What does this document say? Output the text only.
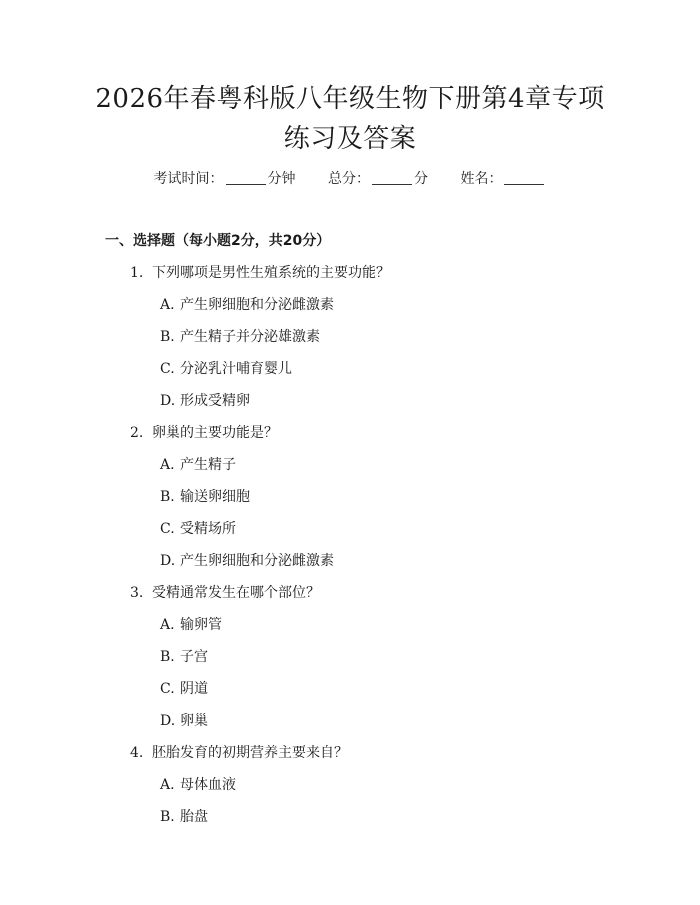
2026年春粤科版八年级生物下册第4章专项
练习及答案
考试时间：	分钟 总分：	分 姓名：
一、选择题（每小题2分，共20分）

1. 下列哪项是男性生殖系统的主要功能？

A. 产生卵细胞和分泌雌激素

B. 产生精子并分泌雄激素

C. 分泌乳汁哺育婴儿

D. 形成受精卵

2. 卵巢的主要功能是？

A. 产生精子

B. 输送卵细胞

C. 受精场所

D. 产生卵细胞和分泌雌激素

3. 受精通常发生在哪个部位？

A. 输卵管

B. 子宫

C. 阴道

D. 卵巢

4. 胚胎发育的初期营养主要来自？

A. 母体血液

B. 胎盘
